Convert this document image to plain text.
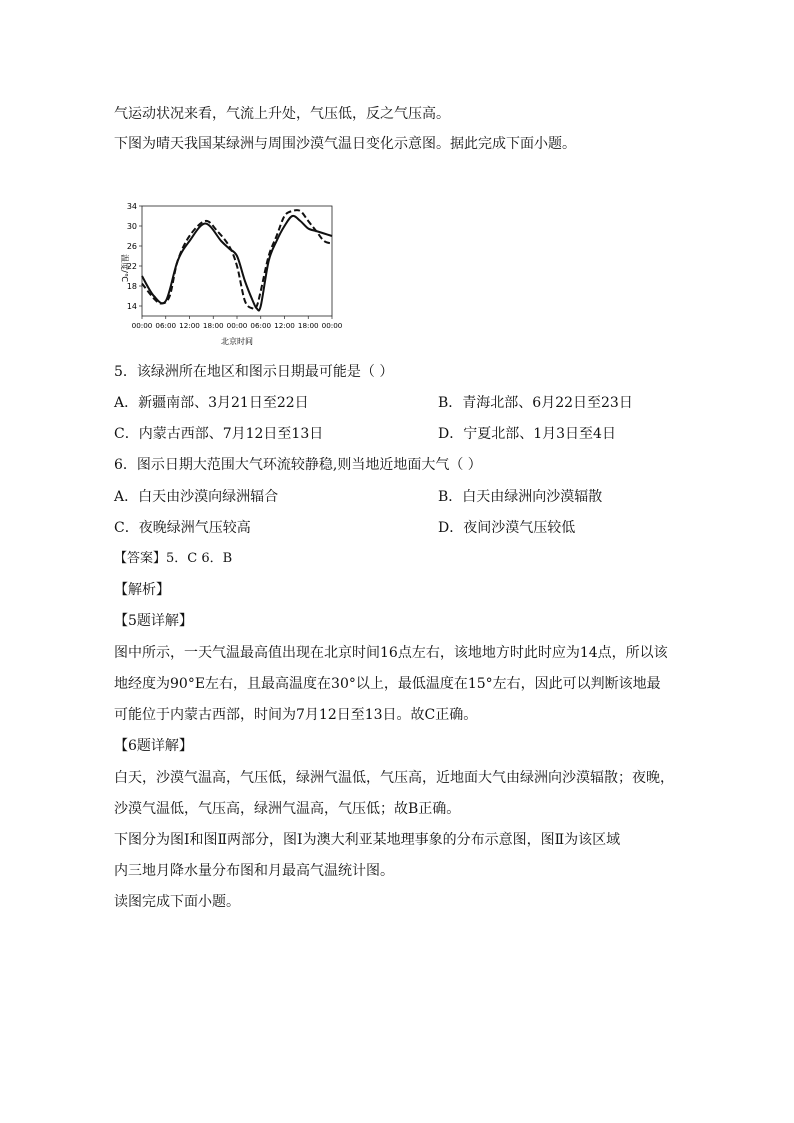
气运动状况来看，气流上升处，气压低，反之气压高。
下图为晴天我国某绿洲与周围沙漠气温日变化示意图。据此完成下面小题。
温度/℃
34
30
26
22
18
14
00:00 06:00 12:00 18:00 00:00 06:00 12:00 18:00 00:00
北京时间
5．该绿洲所在地区和图示日期最可能是（ ）
A．新疆南部、3月21日至22日	B．青海北部、6月22日至23日
C．内蒙古西部、7月12日至13日	D．宁夏北部、1月3日至4日
6．图示日期大范围大气环流较静稳,则当地近地面大气（ ）
A．白天由沙漠向绿洲辐合	B．白天由绿洲向沙漠辐散
C．夜晚绿洲气压较高	D．夜间沙漠气压较低
【答案】5．C 6．B
【解析】
【5题详解】
图中所示，一天气温最高值出现在北京时间16点左右，该地地方时此时应为14点，所以该
地经度为90°E左右，且最高温度在30°以上，最低温度在15°左右，因此可以判断该地最
可能位于内蒙古西部，时间为7月12日至13日。故C正确。
【6题详解】
白天，沙漠气温高，气压低，绿洲气温低，气压高，近地面大气由绿洲向沙漠辐散；夜晚，
沙漠气温低，气压高，绿洲气温高，气压低；故B正确。
下图分为图Ⅰ和图Ⅱ两部分，图Ⅰ为澳大利亚某地理事象的分布示意图，图Ⅱ为该区域
内三地月降水量分布图和月最高气温统计图。
读图完成下面小题。
